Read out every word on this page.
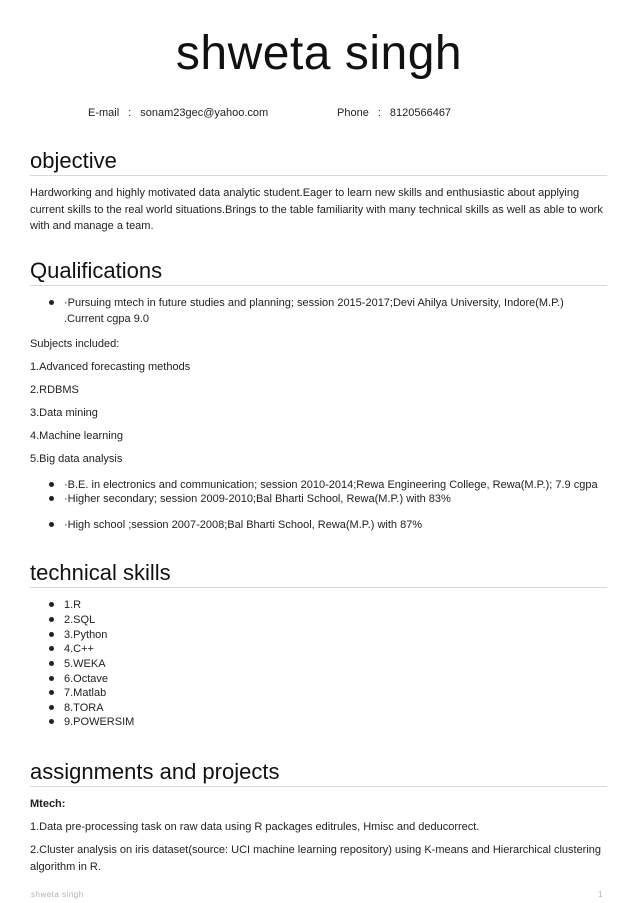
shweta singh
E-mail : sonam23gec@yahoo.com	Phone : 8120566467
objective
Hardworking and highly motivated data analytic student.Eager to learn new skills and enthusiastic about applying current skills to the real world situations.Brings to the table familiarity with many technical skills as well as able to work with and manage a team.
Qualifications
·Pursuing mtech in future studies and planning; session 2015-2017;Devi Ahilya University, Indore(M.P.) .Current cgpa 9.0
Subjects included:
1.Advanced forecasting methods
2.RDBMS
3.Data mining
4.Machine learning
5.Big data analysis
·B.E. in electronics and communication; session 2010-2014;Rewa Engineering College, Rewa(M.P.); 7.9 cgpa
·Higher secondary; session 2009-2010;Bal Bharti School, Rewa(M.P.) with 83%
·High school ;session 2007-2008;Bal Bharti School, Rewa(M.P.) with 87%
technical skills
1.R
2.SQL
3.Python
4.C++
5.WEKA
6.Octave
7.Matlab
8.TORA
9.POWERSIM
assignments and projects
Mtech:
1.Data pre-processing task on raw data using R packages editrules, Hmisc and deducorrect.
2.Cluster analysis on iris dataset(source: UCI machine learning repository) using K-means and Hierarchical clustering algorithm in R.
shweta singh	1
